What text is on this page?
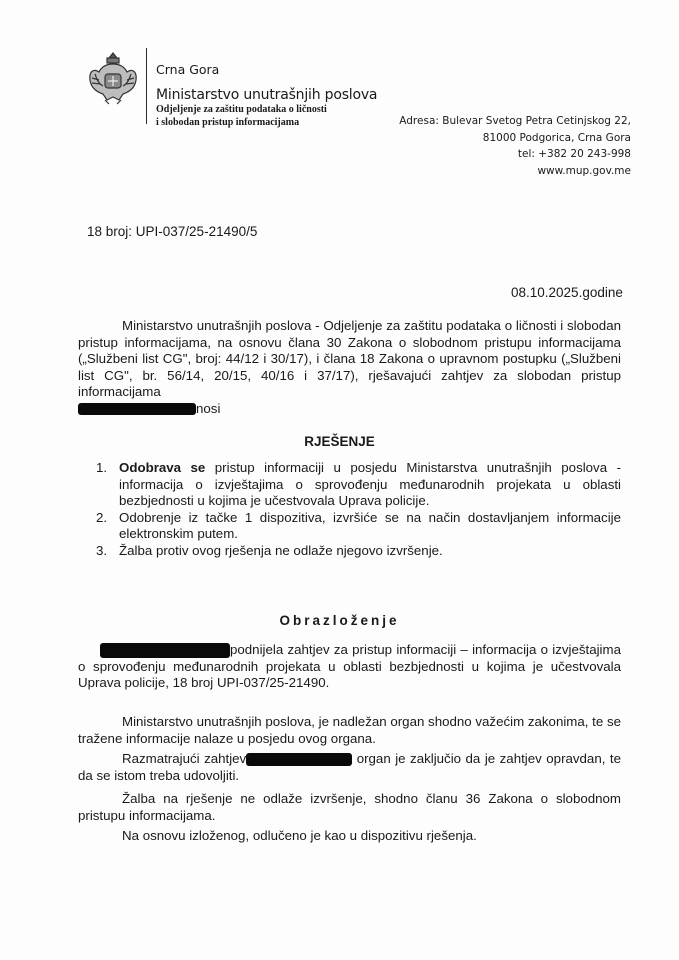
Crna Gora
Ministarstvo unutrašnjih poslova
Odjeljenje za zaštitu podataka o ličnosti
i slobodan pristup informacijama	Adresa: Bulevar Svetog Petra Cetinjskog 22,
81000 Podgorica, Crna Gora
tel: +382 20 243-998
www.mup.gov.me
18 broj: UPI-037/25-21490/5
08.10.2025.godine
Ministarstvo unutrašnjih poslova - Odjeljenje za zaštitu podataka o ličnosti i slobodan pristup informacijama, na osnovu člana 30 Zakona o slobodnom pristupu informacijama („Službeni list CG", broj: 44/12 i 30/17), i člana 18 Zakona o upravnom postupku („Službeni list CG", br. 56/14, 20/15, 40/16 i 37/17), rješavajući zahtjev za slobodan pristup informacijama
nosi
RJEŠENJE
1. Odobrava se pristup informaciji u posjedu Ministarstva unutrašnjih poslova - informacija o izvještajima o sprovođenju međunarodnih projekata u oblasti bezbjednosti u kojima je učestvovala Uprava policije.
2. Odobrenje iz tačke 1 dispozitiva, izvršiće se na način dostavljanjem informacije elektronskim putem.
3. Žalba protiv ovog rješenja ne odlaže njegovo izvršenje.
Obrazloženje
podnijela zahtjev za pristup informaciji – informacija o izvještajima o sprovođenju međunarodnih projekata u oblasti bezbjednosti u kojima je učestvovala Uprava policije, 18 broj UPI-037/25-21490.
Ministarstvo unutrašnjih poslova, je nadležan organ shodno važećim zakonima, te se tražene informacije nalaze u posjedu ovog organa.
Razmatrajući zahtjev	organ je zaključio da je zahtjev opravdan, te da se istom treba udovoljiti.
Žalba na rješenje ne odlaže izvršenje, shodno članu 36 Zakona o slobodnom pristupu informacijama.
Na osnovu izloženog, odlučeno je kao u dispozitivu rješenja.
